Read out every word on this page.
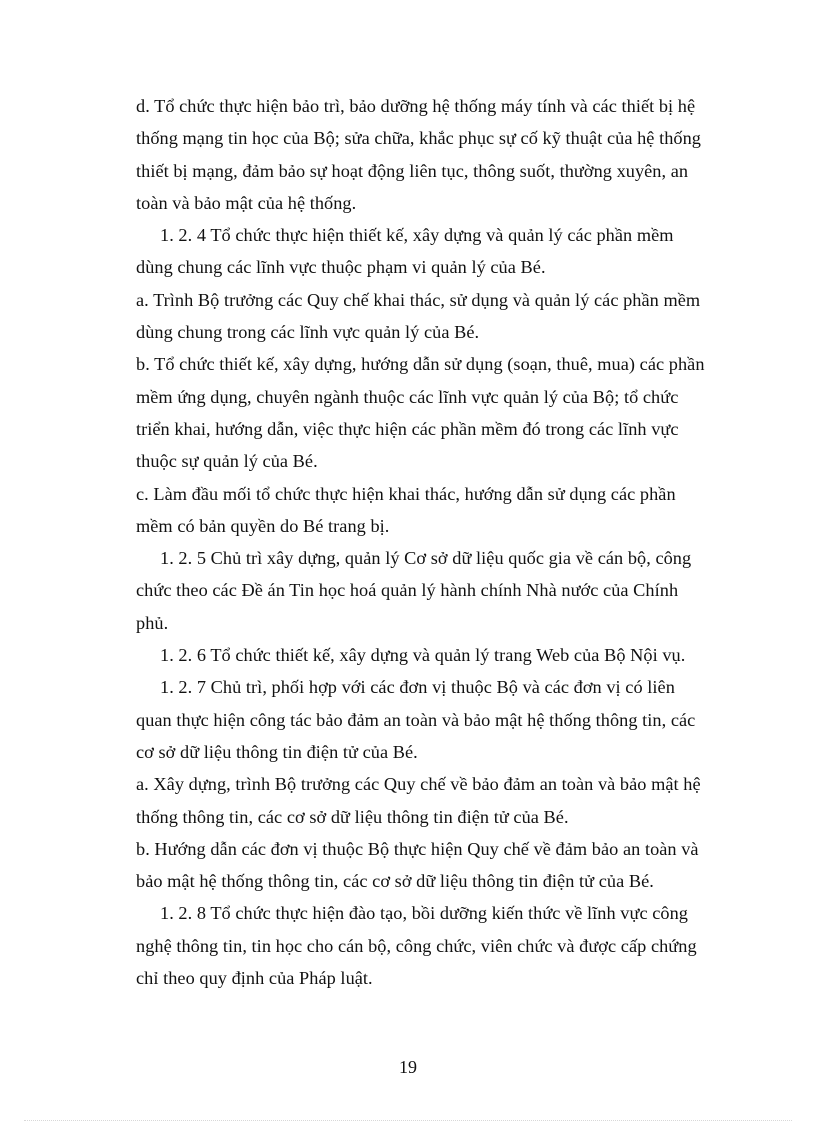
d. Tổ chức thực hiện bảo trì, bảo dưỡng hệ thống máy tính và các thiết bị hệ
thống mạng tin học của Bộ; sửa chữa, khắc phục sự cố kỹ thuật của hệ thống
thiết bị mạng, đảm bảo sự hoạt động liên tục, thông suốt, thường xuyên, an
toàn và bảo mật của hệ thống.
1. 2. 4 Tổ chức thực hiện thiết kế, xây dựng và quản lý các phần mềm
dùng chung các lĩnh vực thuộc phạm vi quản lý của Bé.
a. Trình Bộ trưởng các Quy chế khai thác, sử dụng và quản lý các phần mềm
dùng chung trong các lĩnh vực quản lý của Bé.
b. Tổ chức thiết kế, xây dựng, hướng dẫn sử dụng (soạn, thuê, mua) các phần
mềm ứng dụng, chuyên ngành thuộc các lĩnh vực quản lý của Bộ; tổ chức
triển khai, hướng dẫn, việc thực hiện các phần mềm đó trong các lĩnh vực
thuộc sự quản lý của Bé.
c. Làm đầu mối tổ chức thực hiện khai thác, hướng dẫn sử dụng các phần
mềm có bản quyền do Bé trang bị.
1. 2. 5 Chủ trì xây dựng, quản lý Cơ sở dữ liệu quốc gia về cán bộ, công
chức theo các Đề án Tin học hoá quản lý hành chính Nhà nước của Chính
phủ.
1. 2. 6 Tổ chức thiết kế, xây dựng và quản lý trang Web của Bộ Nội vụ.
1. 2. 7 Chủ trì, phối hợp với các đơn vị thuộc Bộ và các đơn vị có liên
quan thực hiện công tác bảo đảm an toàn và bảo mật hệ thống thông tin, các
cơ sở dữ liệu thông tin điện tử của Bé.
a. Xây dựng, trình Bộ trưởng các Quy chế về bảo đảm an toàn và bảo mật hệ
thống thông tin, các cơ sở dữ liệu thông tin điện tử của Bé.
b. Hướng dẫn các đơn vị thuộc Bộ thực hiện Quy chế về đảm bảo an toàn và
bảo mật hệ thống thông tin, các cơ sở dữ liệu thông tin điện tử của Bé.
1. 2. 8 Tổ chức thực hiện đào tạo, bồi dưỡng kiến thức về lĩnh vực công
nghệ thông tin, tin học cho cán bộ, công chức, viên chức và được cấp chứng
chỉ theo quy định của Pháp luật.
19
